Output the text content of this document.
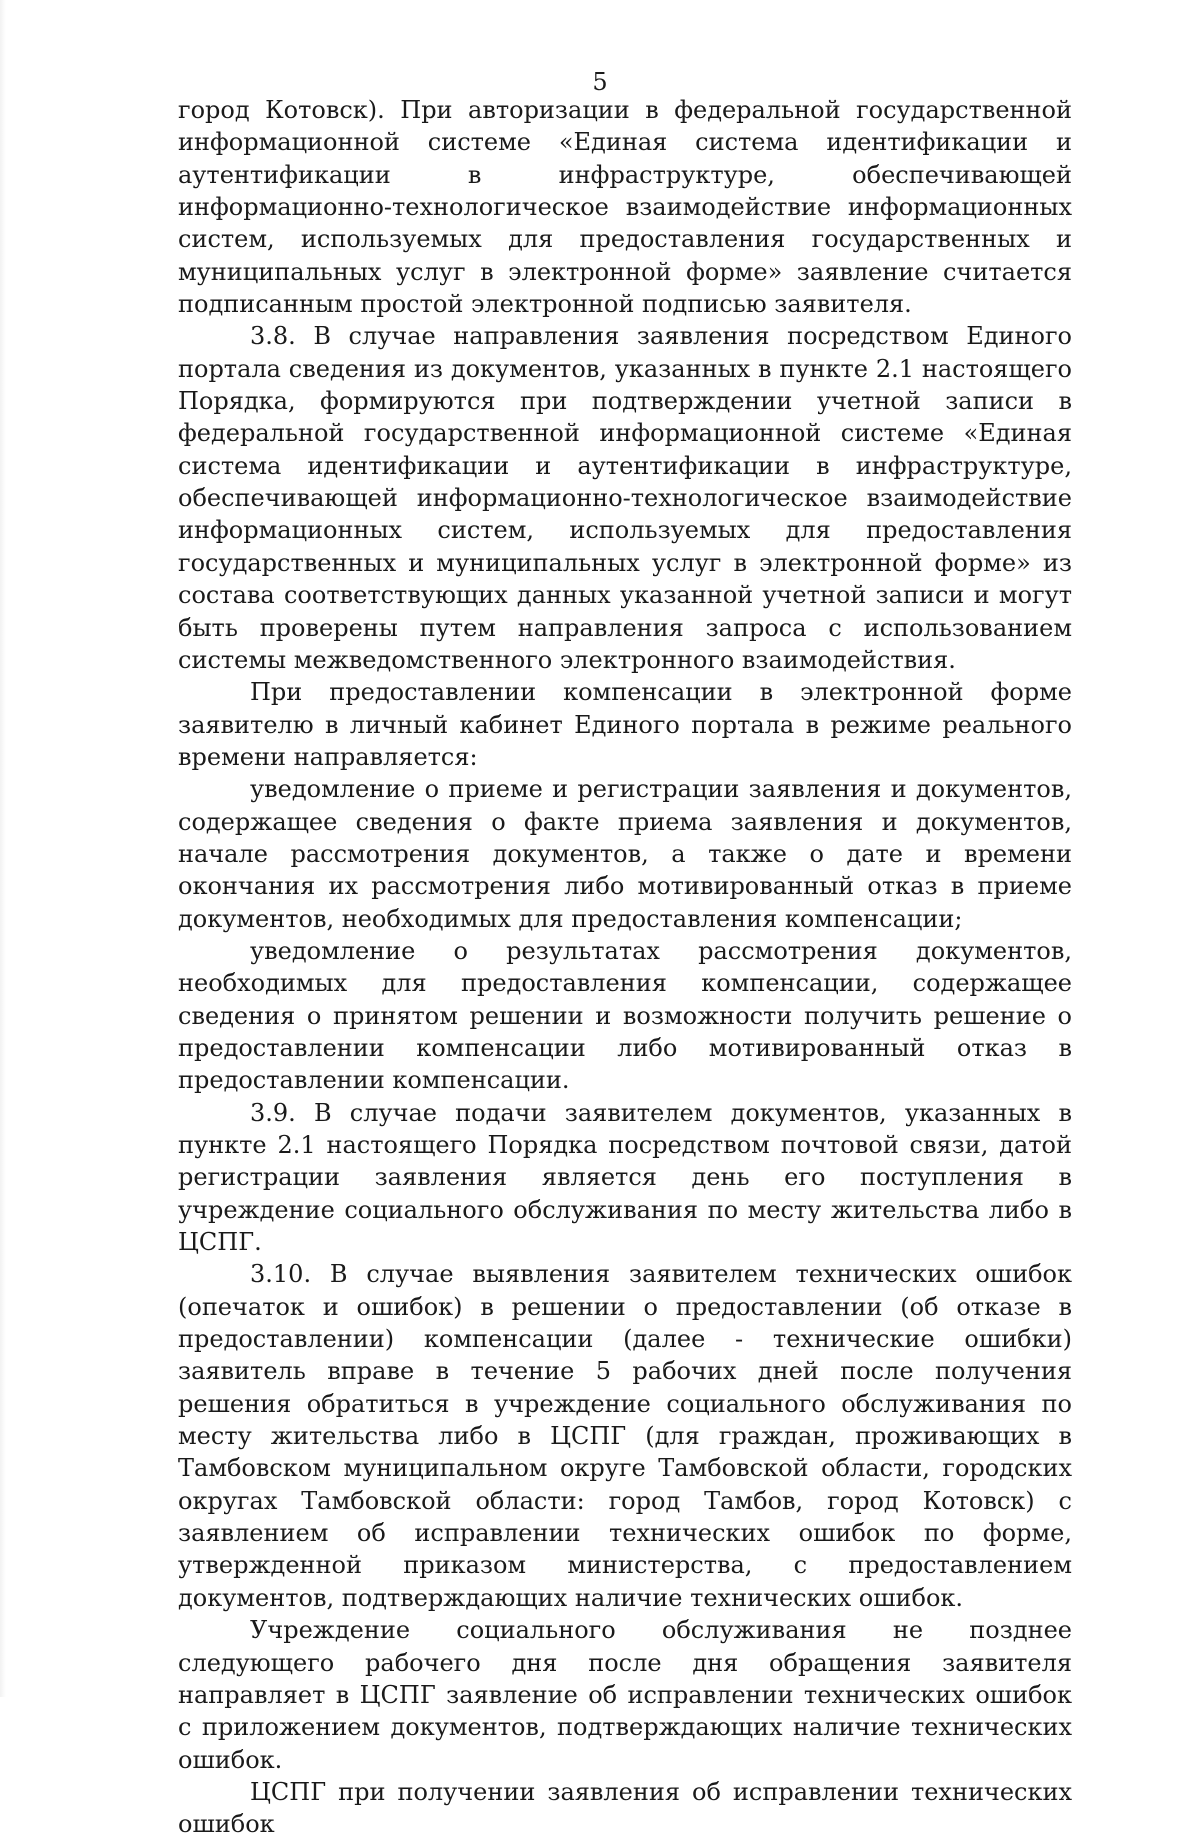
5

город Котовск). При авторизации в федеральной государственной информационной системе «Единая система идентификации и аутентификации в инфраструктуре, обеспечивающей информационно-технологическое взаимодействие информационных систем, используемых для предоставления государственных и муниципальных услуг в электронной форме» заявление считается подписанным простой электронной подписью заявителя.

3.8. В случае направления заявления посредством Единого портала сведения из документов, указанных в пункте 2.1 настоящего Порядка, формируются при подтверждении учетной записи в федеральной государственной информационной системе «Единая система идентификации и аутентификации в инфраструктуре, обеспечивающей информационно-технологическое взаимодействие информационных систем, используемых для предоставления государственных и муниципальных услуг в электронной форме» из состава соответствующих данных указанной учетной записи и могут быть проверены путем направления запроса с использованием системы межведомственного электронного взаимодействия.

При предоставлении компенсации в электронной форме заявителю в личный кабинет Единого портала в режиме реального времени направляется:

уведомление о приеме и регистрации заявления и документов, содержащее сведения о факте приема заявления и документов, начале рассмотрения документов, а также о дате и времени окончания их рассмотрения либо мотивированный отказ в приеме документов, необходимых для предоставления компенсации;

уведомление о результатах рассмотрения документов, необходимых для предоставления компенсации, содержащее сведения о принятом решении и возможности получить решение о предоставлении компенсации либо мотивированный отказ в предоставлении компенсации.

3.9. В случае подачи заявителем документов, указанных в пункте 2.1 настоящего Порядка посредством почтовой связи, датой регистрации заявления является день его поступления в учреждение социального обслуживания по месту жительства либо в ЦСПГ.

3.10. В случае выявления заявителем технических ошибок (опечаток и ошибок) в решении о предоставлении (об отказе в предоставлении) компенсации (далее - технические ошибки) заявитель вправе в течение 5 рабочих дней после получения решения обратиться в учреждение социального обслуживания по месту жительства либо в ЦСПГ (для граждан, проживающих в Тамбовском муниципальном округе Тамбовской области, городских округах Тамбовской области: город Тамбов, город Котовск) с заявлением об исправлении технических ошибок по форме, утвержденной приказом министерства, с предоставлением документов, подтверждающих наличие технических ошибок.

Учреждение социального обслуживания не позднее следующего рабочего дня после дня обращения заявителя направляет в ЦСПГ заявление об исправлении технических ошибок с приложением документов, подтверждающих наличие технических ошибок.

ЦСПГ при получении заявления об исправлении технических ошибок
